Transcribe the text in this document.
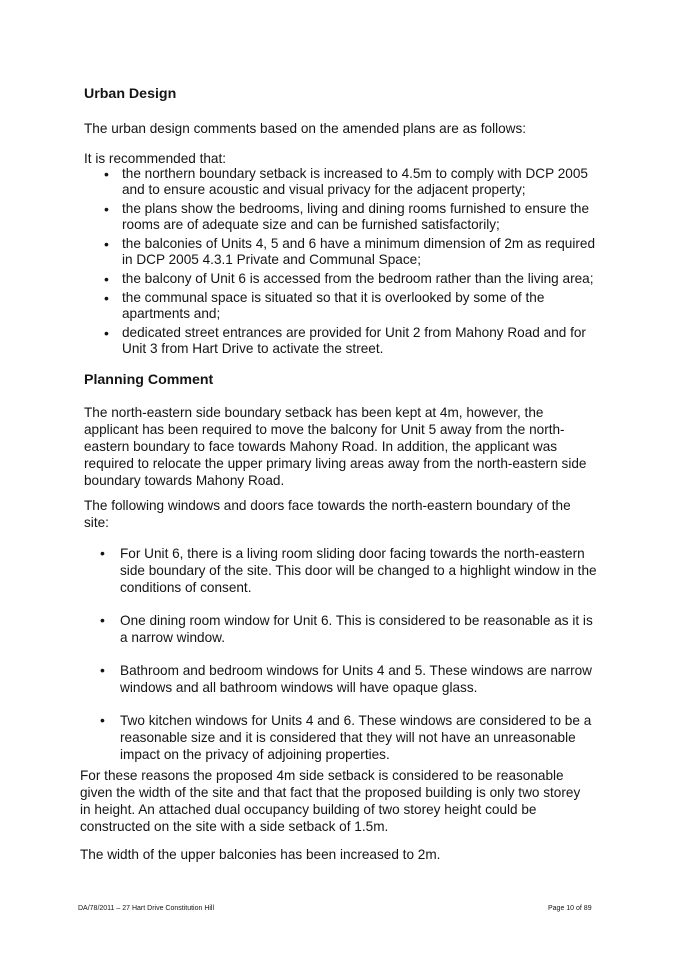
Urban Design

The urban design comments based on the amended plans are as follows:

It is recommended that:

• the northern boundary setback is increased to 4.5m to comply with DCP 2005 and to ensure acoustic and visual privacy for the adjacent property;
• the plans show the bedrooms, living and dining rooms furnished to ensure the rooms are of adequate size and can be furnished satisfactorily;
• the balconies of Units 4, 5 and 6 have a minimum dimension of 2m as required in DCP 2005 4.3.1 Private and Communal Space;
• the balcony of Unit 6 is accessed from the bedroom rather than the living area;
• the communal space is situated so that it is overlooked by some of the apartments and;
• dedicated street entrances are provided for Unit 2 from Mahony Road and for Unit 3 from Hart Drive to activate the street.
Planning Comment

The north-eastern side boundary setback has been kept at 4m, however, the applicant has been required to move the balcony for Unit 5 away from the north-eastern boundary to face towards Mahony Road. In addition, the applicant was required to relocate the upper primary living areas away from the north-eastern side boundary towards Mahony Road.

The following windows and doors face towards the north-eastern boundary of the site:

• For Unit 6, there is a living room sliding door facing towards the north-eastern side boundary of the site. This door will be changed to a highlight window in the conditions of consent.
• One dining room window for Unit 6. This is considered to be reasonable as it is a narrow window.
• Bathroom and bedroom windows for Units 4 and 5. These windows are narrow windows and all bathroom windows will have opaque glass.
• Two kitchen windows for Units 4 and 6. These windows are considered to be a reasonable size and it is considered that they will not have an unreasonable impact on the privacy of adjoining properties.

For these reasons the proposed 4m side setback is considered to be reasonable given the width of the site and that fact that the proposed building is only two storey in height. An attached dual occupancy building of two storey height could be constructed on the site with a side setback of 1.5m.

The width of the upper balconies has been increased to 2m.

DA/78/2011 – 27 Hart Drive Constitution Hill	Page 10 of 89
